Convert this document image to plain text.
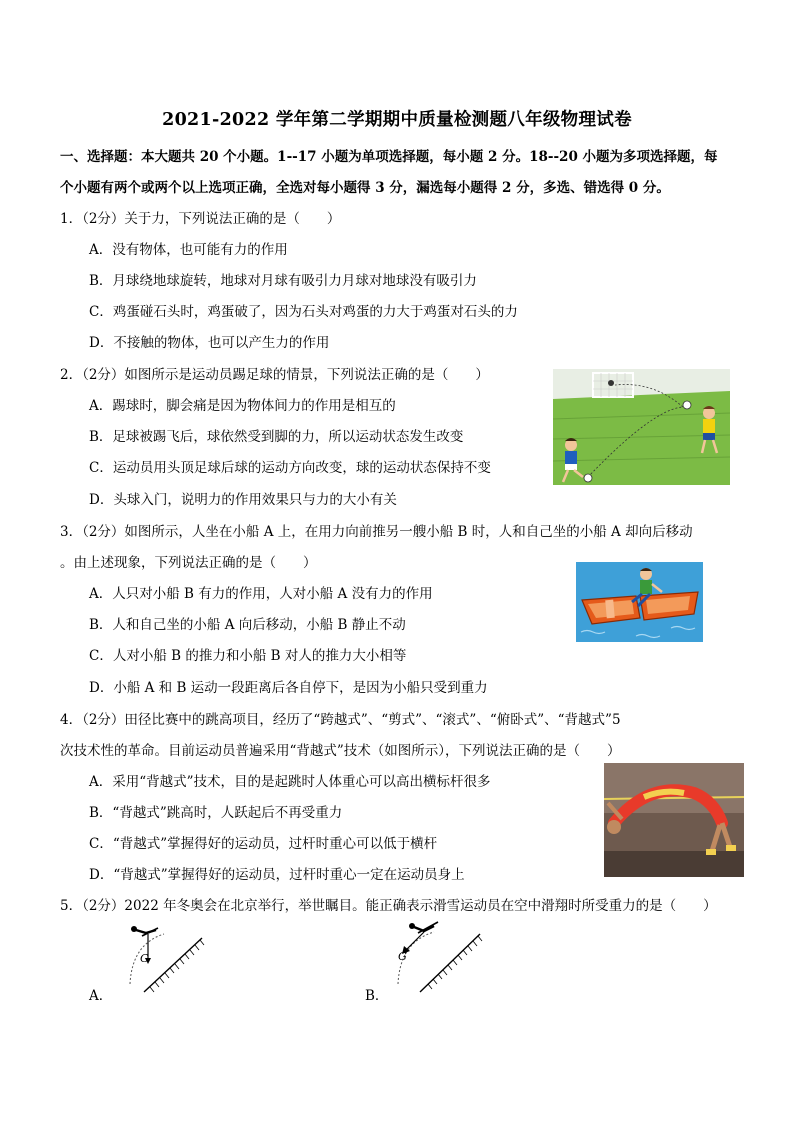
2021-2022 学年第二学期期中质量检测题八年级物理试卷
一、选择题：本大题共 20 个小题。1--17 小题为单项选择题，每小题 2 分。18--20 小题为多项选择题，每
个小题有两个或两个以上选项正确，全选对每小题得 3 分，漏选每小题得 2 分，多选、错选得 0 分。
1．（2分）关于力，下列说法正确的是（　　）
A．没有物体，也可能有力的作用
B．月球绕地球旋转，地球对月球有吸引力月球对地球没有吸引力
C．鸡蛋碰石头时，鸡蛋破了，因为石头对鸡蛋的力大于鸡蛋对石头的力
D．不接触的物体，也可以产生力的作用
2．（2分）如图所示是运动员踢足球的情景，下列说法正确的是（　　）
A．踢球时，脚会痛是因为物体间力的作用是相互的
B．足球被踢飞后，球依然受到脚的力，所以运动状态发生改变
C．运动员用头顶足球后球的运动方向改变，球的运动状态保持不变
D．头球入门，说明力的作用效果只与力的大小有关
3．（2分）如图所示，人坐在小船 A 上，在用力向前推另一艘小船 B 时，人和自己坐的小船 A 却向后移动
。由上述现象，下列说法正确的是（　　）
A．人只对小船 B 有力的作用，人对小船 A 没有力的作用
B．人和自己坐的小船 A 向后移动，小船 B 静止不动
C．人对小船 B 的推力和小船 B 对人的推力大小相等
D．小船 A 和 B 运动一段距离后各自停下，是因为小船只受到重力
4．（2分）田径比赛中的跳高项目，经历了“跨越式”、“剪式”、“滚式”、“俯卧式”、“背越式”5
次技术性的革命。目前运动员普遍采用“背越式”技术（如图所示），下列说法正确的是（　　）
A．采用“背越式”技术，目的是起跳时人体重心可以高出横标杆很多
B．“背越式”跳高时，人跃起后不再受重力
C．“背越式”掌握得好的运动员，过杆时重心可以低于横杆
D．“背越式”掌握得好的运动员，过杆时重心一定在运动员身上
5．（2分）2022 年冬奥会在北京举行，举世瞩目。能正确表示滑雪运动员在空中滑翔时所受重力的是（　　）
A．
G
B．
G
